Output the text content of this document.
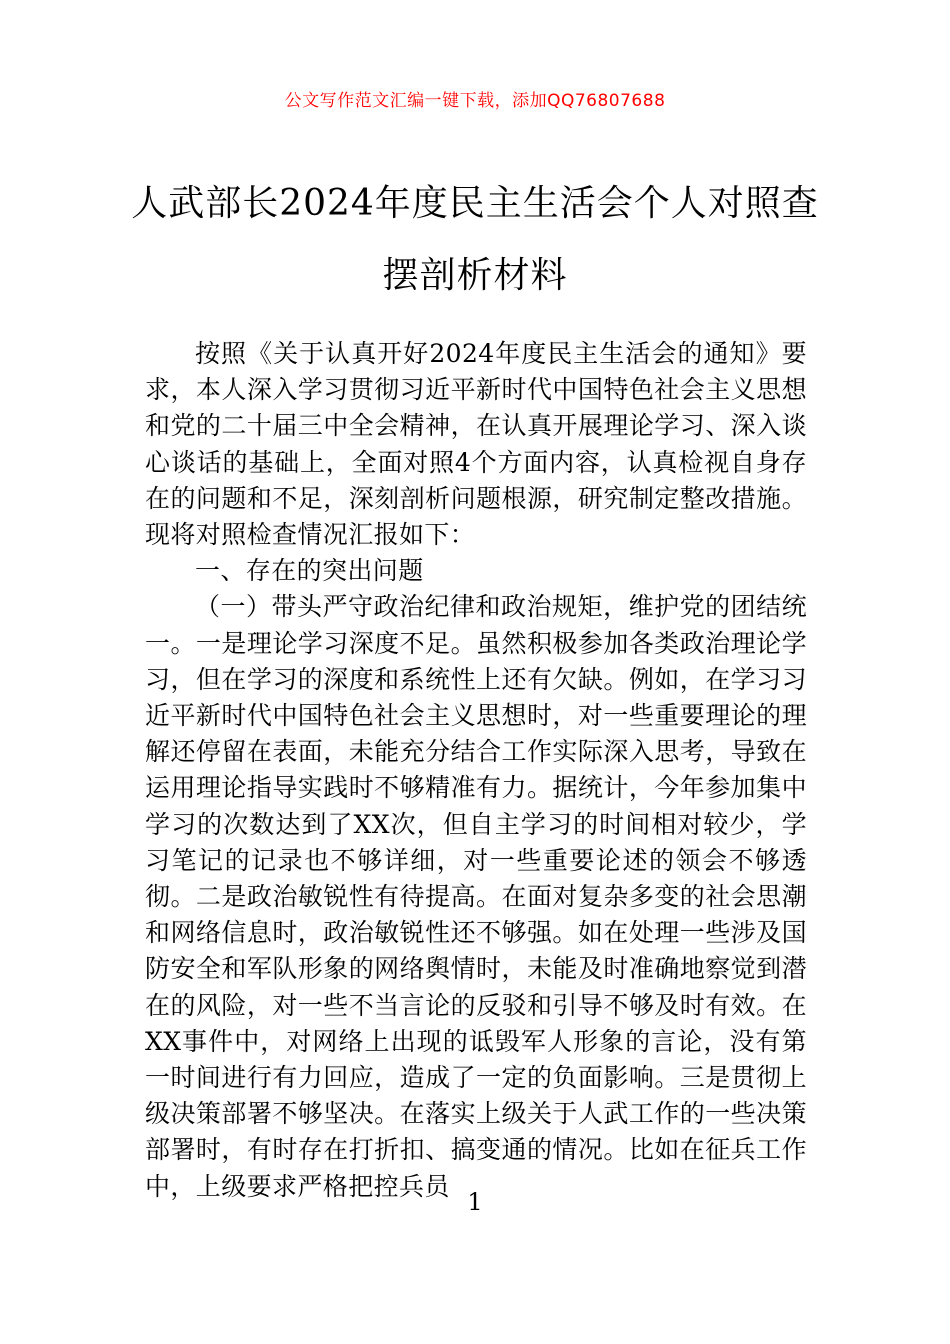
公文写作范文汇编一键下载，添加QQ76807688
人武部长2024年度民主生活会个人对照查
摆剖析材料

按照《关于认真开好2024年度民主生活会的通知》要求，本人深入学习贯彻习近平新时代中国特色社会主义思想和党的二十届三中全会精神，在认真开展理论学习、深入谈心谈话的基础上，全面对照4个方面内容，认真检视自身存在的问题和不足，深刻剖析问题根源，研究制定整改措施。现将对照检查情况汇报如下：

一、存在的突出问题

（一）带头严守政治纪律和政治规矩，维护党的团结统一。一是理论学习深度不足。虽然积极参加各类政治理论学习，但在学习的深度和系统性上还有欠缺。例如，在学习习近平新时代中国特色社会主义思想时，对一些重要理论的理解还停留在表面，未能充分结合工作实际深入思考，导致在运用理论指导实践时不够精准有力。据统计，今年参加集中学习的次数达到了XX次，但自主学习的时间相对较少，学习笔记的记录也不够详细，对一些重要论述的领会不够透彻。二是政治敏锐性有待提高。在面对复杂多变的社会思潮和网络信息时，政治敏锐性还不够强。如在处理一些涉及国防安全和军队形象的网络舆情时，未能及时准确地察觉到潜在的风险，对一些不当言论的反驳和引导不够及时有效。在XX事件中，对网络上出现的诋毁军人形象的言论，没有第一时间进行有力回应，造成了一定的负面影响。三是贯彻上级决策部署不够坚决。在落实上级关于人武工作的一些决策部署时，有时存在打折扣、搞变通的情况。比如在征兵工作中，上级要求严格把控兵员

1
